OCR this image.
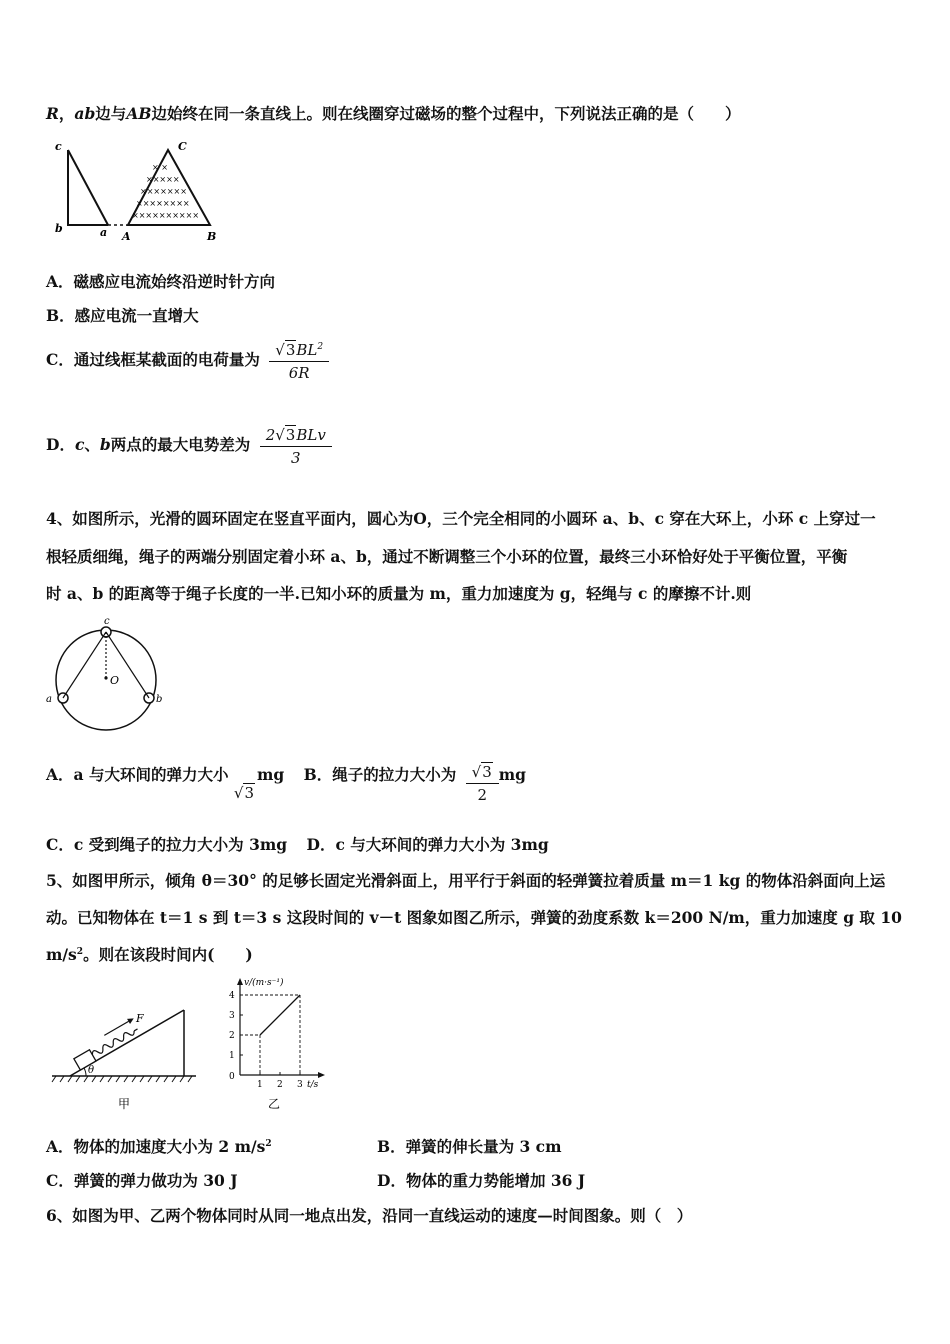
R，ab边与AB边始终在同一条直线上。则在线圈穿过磁场的整个过程中，下列说法正确的是（　　）
× ×
×××××
×××××××
××××××××
××××××××××
c
b	a A	B
C
A．磁感应电流始终沿逆时针方向
B．感应电流一直增大
C．通过线框某截面的电荷量为 $\frac{√3BL^2}{6R}$
D．c、b两点的最大电势差为 $\frac{\text{2√3BLv}}{3}$
4、如图所示，光滑的圆环固定在竖直平面内，圆心为O，三个完全相同的小圆环 a、b、c 穿在大环上，小环 c 上穿过一
根轻质细绳，绳子的两端分别固定着小环 a、b，通过不断调整三个小环的位置，最终三小环恰好处于平衡位置，平衡
时 a、b 的距离等于绳子长度的一半.已知小环的质量为 m，重力加速度为 g，轻绳与 c 的摩擦不计.则
c
O
a	b
A．a 与大环间的弹力大小 √3mg B．绳子的拉力大小为 $\frac{√3}{2}$ mg
C．c 受到绳子的拉力大小为 3mg D．c 与大环间的弹力大小为 3mg
5、如图甲所示，倾角 θ＝30° 的足够长固定光滑斜面上，用平行于斜面的轻弹簧拉着质量 m＝1 kg 的物体沿斜面向上运
动。已知物体在 t＝1 s 到 t＝3 s 这段时间的 v－t 图象如图乙所示，弹簧的劲度系数 k＝200 N/m，重力加速度 g 取 10
$m/s^2$。则在该段时间内(　　)
θ
F
甲
v/(m·s⁻¹)
t/s
0
1 2 3
1
2
3
4
乙
A．物体的加速度大小为 2 $m/s^2$	B．弹簧的伸长量为 3 cm
C．弹簧的弹力做功为 30 J	D．物体的重力势能增加 36 J
6、如图为甲、乙两个物体同时从同一地点出发，沿同一直线运动的速度—时间图象。则（　）
